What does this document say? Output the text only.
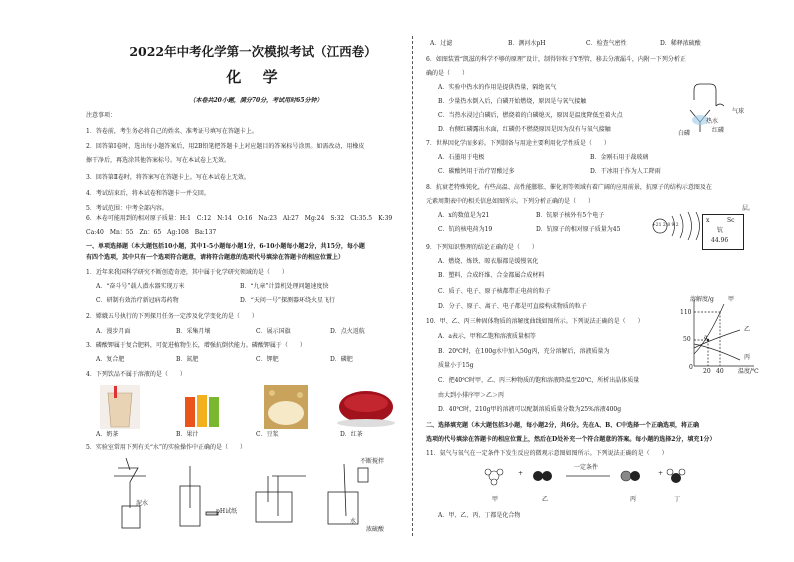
2022年中考化学第一次模拟考试（江西卷）
化 学
（本卷共20小题，满分70分，考试用时65分钟）
注意事项：
1．答卷前，考生务必将自己的姓名、准考证号填写在答题卡上。
2．回答第Ⅰ卷时，选出每小题答案后，用2B铅笔把答题卡上对应题目的答案标号涂黑。如需改动，用橡皮
擦干净后，再选涂其他答案标号。写在本试卷上无效。
3．回答第Ⅱ卷时，将答案写在答题卡上。写在本试卷上无效。
4．考试结束后，将本试卷和答题卡一并交回。
5．考试范围：中考全部内容。
6．本卷可能用到的相对原子质量：H:1　C:12　N:14　O:16　Na:23　Al:27　Mg:24　S:32　Cl:35.5　K:39
Ca:40　Mn：55　Zn：65　Ag:108　Ba:137
一、单项选择题（本大题包括10小题，其中1-5小题每小题1分，6-10小题每小题2分，共15分，每小题
有四个选项，其中只有一个选项符合题意，请将符合题意的选项代号填涂在答题卡的相应位置上）
1．近年来我国科学研究不断创造奇迹，其中属于化学研究领域的是（　　）
A．“奋斗号”载人潜水器实现万米	B．“九章”计算机处理问题速度快
C．研制有效治疗新冠病毒药物	D．“天问一号”探测器环绕火星飞行
2．嫦娥五号执行的下列探月任务一定涉及化学变化的是（　　）
A．漫步月面	B．采集月壤	C．展示国旗	D．点火返航
3．磷酸钾属于复合肥料，可促进植物生长，增强抗倒伏能力。磷酸钾属于（　　）
A．复合肥	B．氮肥	C．钾肥	D．磷肥
4．下列饮品不属于溶液的是（　　）
A．奶茶	B．果汁	C．豆浆	D．红茶
5．实验室常用下列有关“水”的实验操作中正确的是（　　）
泥水
pH试纸
不断搅拌
水
浓硫酸
A．过滤	B．测河水pH	C．检查气密性	D．稀释浓硫酸
6．如图装置“凯滋的科学不够的原理”设计，制得锌粒于Y型管，移去分液漏斗，内附一下列分析正
确的是（　　）
A．实验中热水的作用是提供热量，隔绝氧气
B．少量热水倒入后，白磷开始燃烧，原因是与氧气接触
C．当热水浸过白磷后，燃烧着的白磷熄灭，原因是温度降低至着火点
D．右侧红磷露出水面，红磷仍不燃烧原因是因为没有与氧气接触
气球
热水
白磷	红磷
7．世界因化学而多彩。下列制备与用途主要利用化学性质是（　　）
A．石墨用于电极	B．金刚石用于裁玻璃
C．碳酸钙用于治疗胃酸过多	D．干冰用于作为人工降雨
8．抗衰老特殊钝化，有些高温、高性能膨胀、催化剂等领域有着广阔的应用前景，抗原子的结构示意图及在
元素周期表中的相关信息如图所示。下列分析正确的是（　　）
A．x的数值是为21	B．钪原子核外有5个电子
C．钪的核电荷为19	D．钪原子的相对原子质量为45
+21 2 8 9 2
层。
x	Sc
钪
44.96
9．下列知识整理的结论正确的是（　　）
A．燃烧、炼铁、晾衣服都是缓慢氧化
B．塑料、合成纤维、合金都属合成材料
C．质子、电子、原子核都带正电荷的粒子
D．分子、原子、离子、电子都是可直接构成物质的粒子
10．甲、乙、丙三种固体物质的溶解度曲线如图所示。下列说法正确的是（　　）
A．a表示，甲和乙饱和溶液质量相等
B．20℃时，在100g水中加入50g丙，充分溶解后，溶液质量为
质量小于15g
C．把40℃时甲、乙、丙三种物质的饱和溶液降温至20℃，所析出晶体质量
由大到小排序甲＞乙＞丙
D．40℃时，210g甲的溶液可以配制溶质质量分数为25%溶液400g
溶解度/g 甲
乙
丙
110
50
0
20 40 温度/℃
a
二、选择填充题（本大题包括3小题，每小题2分，共6分。先在A、B、C中选择一个正确选项，将正确
选项的代号填涂在答题卡的相应位置上，然后在D处补充一个符合题意的答案。每小题的选择2分，填充1分）
11．氨气与氧气在一定条件下发生反应的微观示意图如图所示。下列说法正确的是（　　）
+	+
一定条件
甲	乙	丙	丁
A．甲、乙、丙、丁都是化合物
